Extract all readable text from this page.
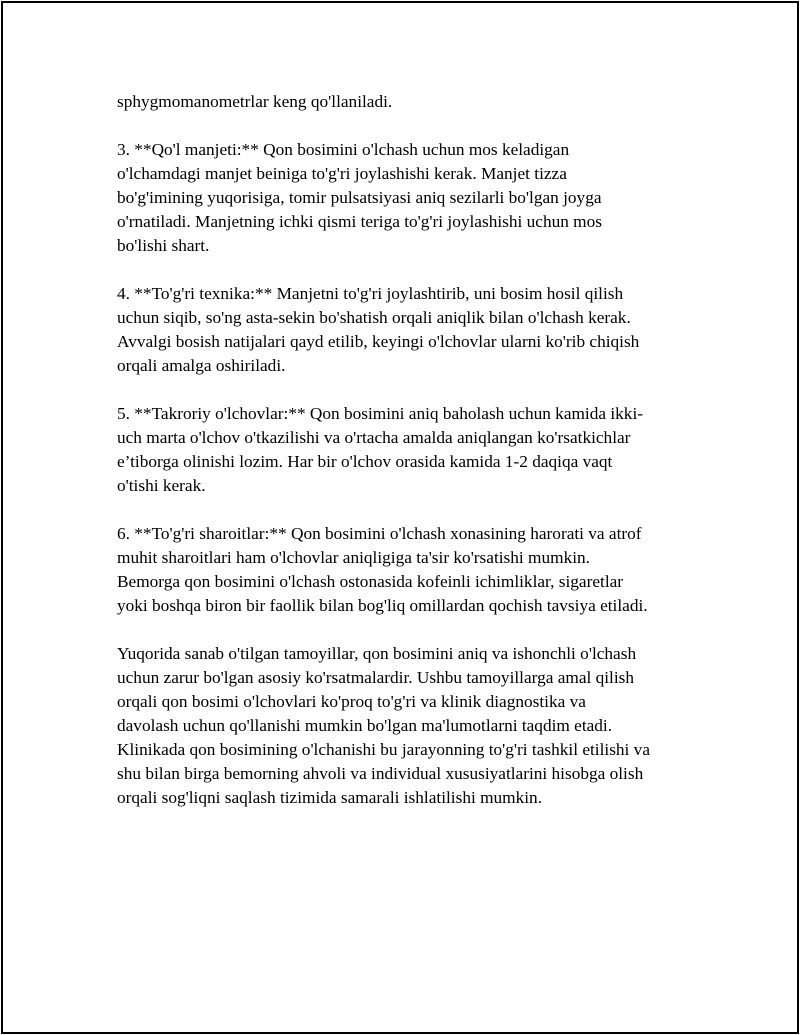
sphygmomanometrlar keng qo'llaniladi.
3. **Qo'l manjeti:** Qon bosimini o'lchash uchun mos keladigan
o'lchamdagi manjet beiniga to'g'ri joylashishi kerak. Manjet tizza
bo'g'imining yuqorisiga, tomir pulsatsiyasi aniq sezilarli bo'lgan joyga
o'rnatiladi. Manjetning ichki qismi teriga to'g'ri joylashishi uchun mos
bo'lishi shart.
4. **To'g'ri texnika:** Manjetni to'g'ri joylashtirib, uni bosim hosil qilish
uchun siqib, so'ng asta-sekin bo'shatish orqali aniqlik bilan o'lchash kerak.
Avvalgi bosish natijalari qayd etilib, keyingi o'lchovlar ularni ko'rib chiqish
orqali amalga oshiriladi.
5. **Takroriy o'lchovlar:** Qon bosimini aniq baholash uchun kamida ikki-
uch marta o'lchov o'tkazilishi va o'rtacha amalda aniqlangan ko'rsatkichlar
e’tiborga olinishi lozim. Har bir o'lchov orasida kamida 1-2 daqiqa vaqt
o'tishi kerak.
6. **To'g'ri sharoitlar:** Qon bosimini o'lchash xonasining harorati va atrof
muhit sharoitlari ham o'lchovlar aniqligiga ta'sir ko'rsatishi mumkin.
Bemorga qon bosimini o'lchash ostonasida kofeinli ichimliklar, sigaretlar
yoki boshqa biron bir faollik bilan bog'liq omillardan qochish tavsiya etiladi.
Yuqorida sanab o'tilgan tamoyillar, qon bosimini aniq va ishonchli o'lchash
uchun zarur bo'lgan asosiy ko'rsatmalardir. Ushbu tamoyillarga amal qilish
orqali qon bosimi o'lchovlari ko'proq to'g'ri va klinik diagnostika va
davolash uchun qo'llanishi mumkin bo'lgan ma'lumotlarni taqdim etadi.
Klinikada qon bosimining o'lchanishi bu jarayonning to'g'ri tashkil etilishi va
shu bilan birga bemorning ahvoli va individual xususiyatlarini hisobga olish
orqali sog'liqni saqlash tizimida samarali ishlatilishi mumkin.
